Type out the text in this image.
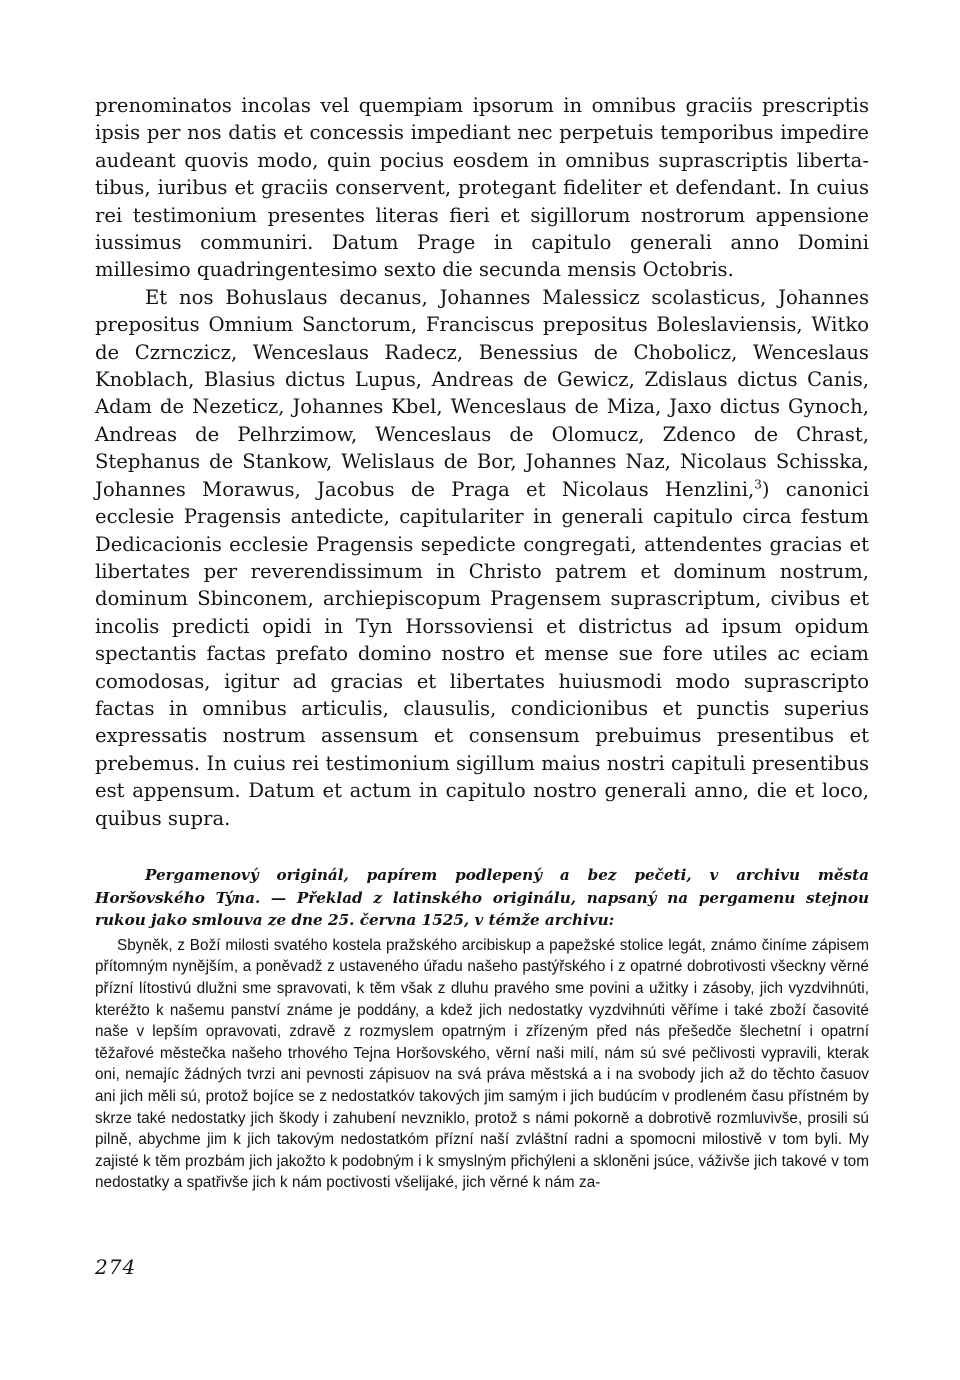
prenominatos incolas vel quempiam ipsorum in omnibus graciis prescriptis ipsis per nos datis et concessis impediant nec perpetuis temporibus impedire audeant quovis modo, quin pocius eosdem in omnibus suprascriptis libertatibus, iuribus et graciis conservent, protegant fideliter et defendant. In cuius rei testimonium presentes literas fieri et sigillorum nostrorum appensione iussimus communiri. Datum Prage in capitulo generali anno Domini millesimo quadringentesimo sexto die secunda mensis Octobris.

Et nos Bohuslaus decanus, Johannes Malessicz scolasticus, Johannes prepositus Omnium Sanctorum, Franciscus prepositus Boleslaviensis, Witko de Czrnczicz, Wenceslaus Radecz, Benessius de Chobolicz, Wenceslaus Knoblach, Blasius dictus Lupus, Andreas de Gewicz, Zdislaus dictus Canis, Adam de Nezeticz, Johannes Kbel, Wenceslaus de Miza, Jaxo dictus Gynoch, Andreas de Pelhrzimow, Wenceslaus de Olomucz, Zdenco de Chrast, Stephanus de Stankow, Welislaus de Bor, Johannes Naz, Nicolaus Schisska, Johannes Morawus, Jacobus de Praga et Nicolaus Henzlini,$^3$) canonici ecclesie Pragensis antedicte, capitulariter in generali capitulo circa festum Dedicacionis ecclesie Pragensis sepedicte congregati, attendentes gracias et libertates per reverendissimum in Christo patrem et dominum nostrum, dominum Sbinconem, archiepiscopum Pragensem suprascriptum, civibus et incolis predicti opidi in Tyn Horssoviensi et districtus ad ipsum opidum spectantis factas prefato domino nostro et mense sue fore utiles ac eciam comodosas, igitur ad gracias et libertates huiusmodi modo suprascripto factas in omnibus articulis, clausulis, condicionibus et punctis superius expressatis nostrum assensum et consensum prebuimus presentibus et prebemus. In cuius rei testimonium sigillum maius nostri capituli presentibus est appensum. Datum et actum in capitulo nostro generali anno, die et loco, quibus supra.

Pergamenový originál, papírem podlepený a bez pečeti, v archivu města Horšovského Týna. — Překlad z latinského originálu, napsaný na pergamenu stejnou rukou jako smlouva ze dne 25. června 1525, v témže archivu:

Sbyněk, z Boží milosti svatého kostela pražského arcibiskup a papežské stolice legát, známo činíme zápisem přítomným nynějším, a poněvadž z ustaveného úřadu našeho pastýřského i z opatrné dobrotivosti všeckny věrné přízní lítostivú dlužni sme spravovati, k těm však z dluhu pravého sme povini a užitky i zásoby, jich vyzdvihnúti, kteréžto k našemu panství známe je poddány, a kdež jich nedostatky vyzdvihnúti věříme i také zboží časovité naše v lepším opravovati, zdravě z rozmyslem opatrným i zřízeným před nás přešedče šlechetní i opatrní těžařové městečka našeho trhového Tejna Horšovského, věrní naši milí, nám sú své pečlivosti vypravili, kterak oni, nemajíc žádných tvrzi ani pevnosti zápisuov na svá práva městská a i na svobody jich až do těchto časuov ani jich měli sú, protož bojíce se z nedostatkóv takových jim samým i jich budúcím v prodleném času přístném by skrze také nedostatky jich škody i zahubení nevzniklo, protož s námi pokorně a dobrotivě rozmluvivše, prosili sú pilně, abychme jim k jich takovým nedostatkóm přízní naší zvláštní radni a spomocni milostivě v tom byli. My zajisté k těm prozbám jich jakožto k podobným i k smyslným přichýleni a skloněni jsúce, váživše jich takové v tom nedostatky a spatřivše jich k nám poctivosti všelijaké, jich věrné k nám za-

274
